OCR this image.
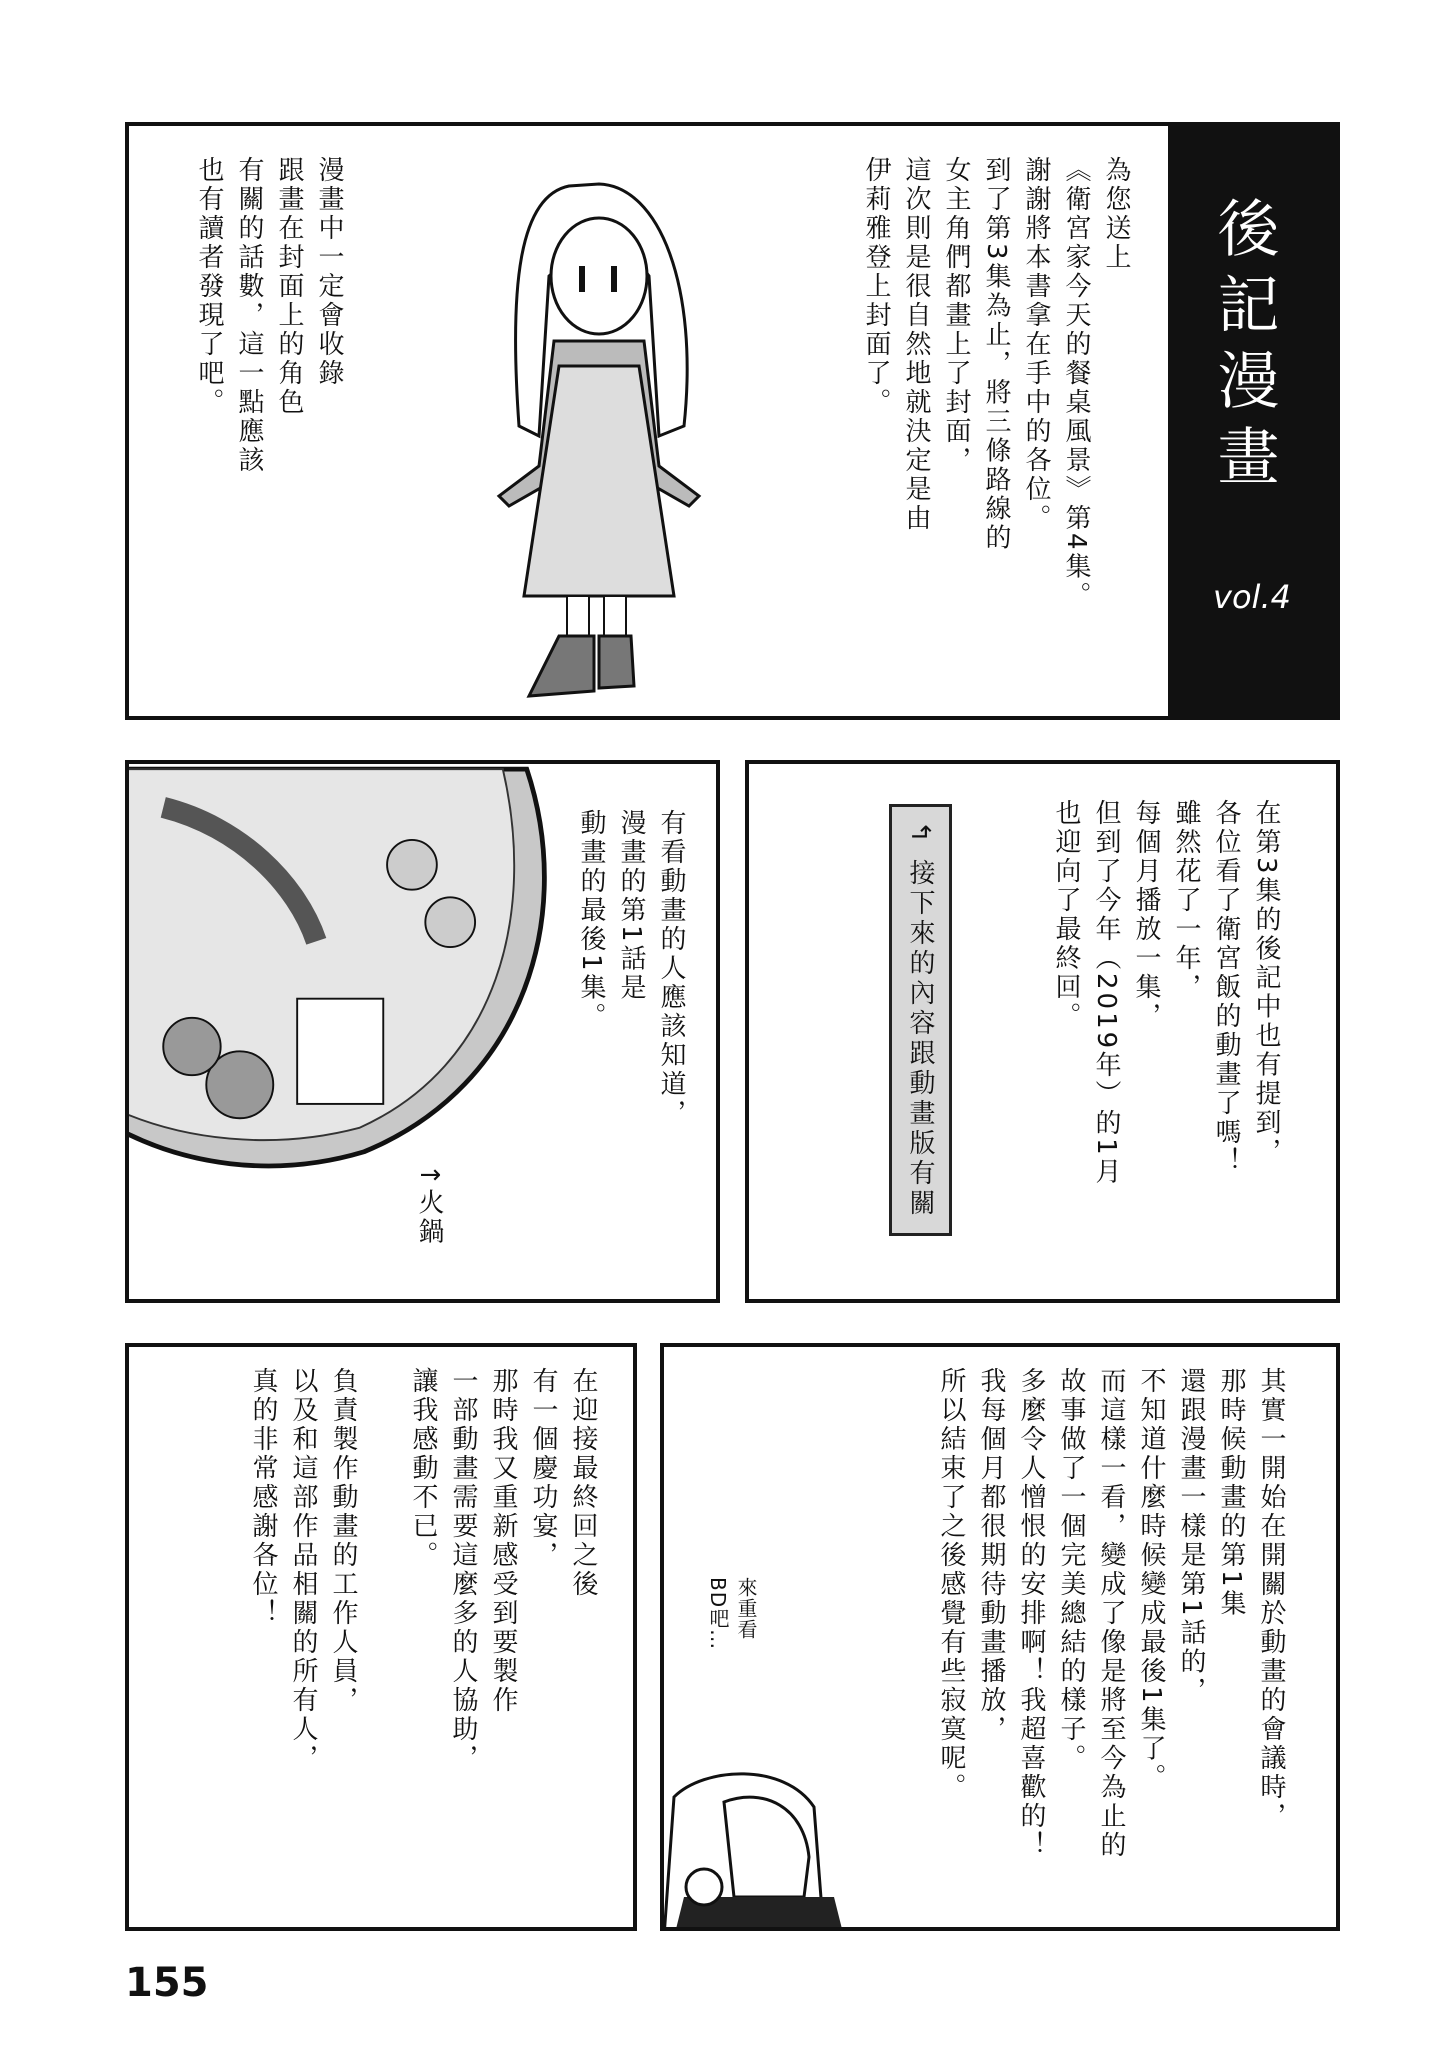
後記漫畫
vol.4
為您送上
《衛宮家今天的餐桌風景》第4集。
謝謝將本書拿在手中的各位。
到了第3集為止，將三條路線的
女主角們都畫上了封面，
這次則是很自然地就決定是由
伊莉雅登上封面了。
漫畫中一定會收錄
跟畫在封面上的角色
有關的話數，這一點應該
也有讀者發現了吧。
有看動畫的人應該知道，
漫畫的第1話是
動畫的最後1集。
↑火鍋
在第3集的後記中也有提到，
各位看了衛宮飯的動畫了嗎！
雖然花了一年，
每個月播放一集，
但到了今年（2019年）的1月
也迎向了最終回。
↰ 接下來的內容跟動畫版有關
在迎接最終回之後
有一個慶功宴，
那時我又重新感受到要製作
一部動畫需要這麼多的人協助，
讓我感動不已。
負責製作動畫的工作人員，
以及和這部作品相關的所有人，
真的非常感謝各位！	其實一開始在開關於動畫的會議時，
那時候動畫的第1集
還跟漫畫一樣是第1話的，
不知道什麼時候變成最後1集了。
而這樣一看，變成了像是將至今為止的
故事做了一個完美總結的樣子。
多麼令人憎恨的安排啊！我超喜歡的！
我每個月都很期待動畫播放，
所以結束了之後感覺有些寂寞呢。
來重看
BD吧…
155
